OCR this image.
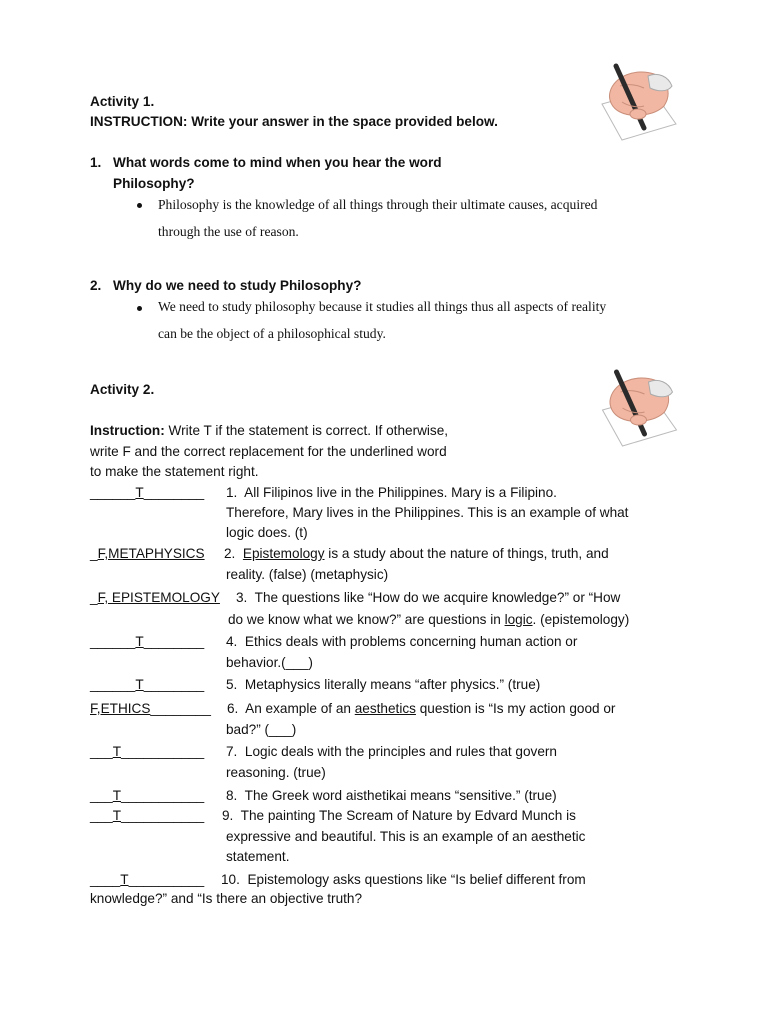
Activity 1.
INSTRUCTION: Write your answer in the space provided below.
1. What words come to mind when you hear the word
Philosophy?
Philosophy is the knowledge of all things through their ultimate causes, acquired
through the use of reason.
2. Why do we need to study Philosophy?
We need to study philosophy because it studies all things thus all aspects of reality
can be the object of a philosophical study.
Activity 2.
Instruction: Write T if the statement is correct. If otherwise,
write F and the correct replacement for the underlined word
to make the statement right.
______T________ 1. All Filipinos live in the Philippines. Mary is a Filipino.
Therefore, Mary lives in the Philippines. This is an example of what
logic does. (t)
_F,METAPHYSICS 2. Epistemology is a study about the nature of things, truth, and
reality. (false) (metaphysic)
_F, EPISTEMOLOGY 3. The questions like “How do we acquire knowledge?” or “How
do we know what we know?” are questions in logic. (epistemology)
______T________ 4. Ethics deals with problems concerning human action or
behavior.(___)
______T________ 5. Metaphysics literally means “after physics.” (true)
F,ETHICS________ 6. An example of an aesthetics question is “Is my action good or
bad?” (___)
___T___________ 7. Logic deals with the principles and rules that govern
reasoning. (true)
___T___________ 8. The Greek word aisthetikai means “sensitive.” (true)
___T___________ 9. The painting The Scream of Nature by Edvard Munch is
expressive and beautiful. This is an example of an aesthetic
statement.
____T__________ 10. Epistemology asks questions like “Is belief different from
knowledge?” and “Is there an objective truth?
